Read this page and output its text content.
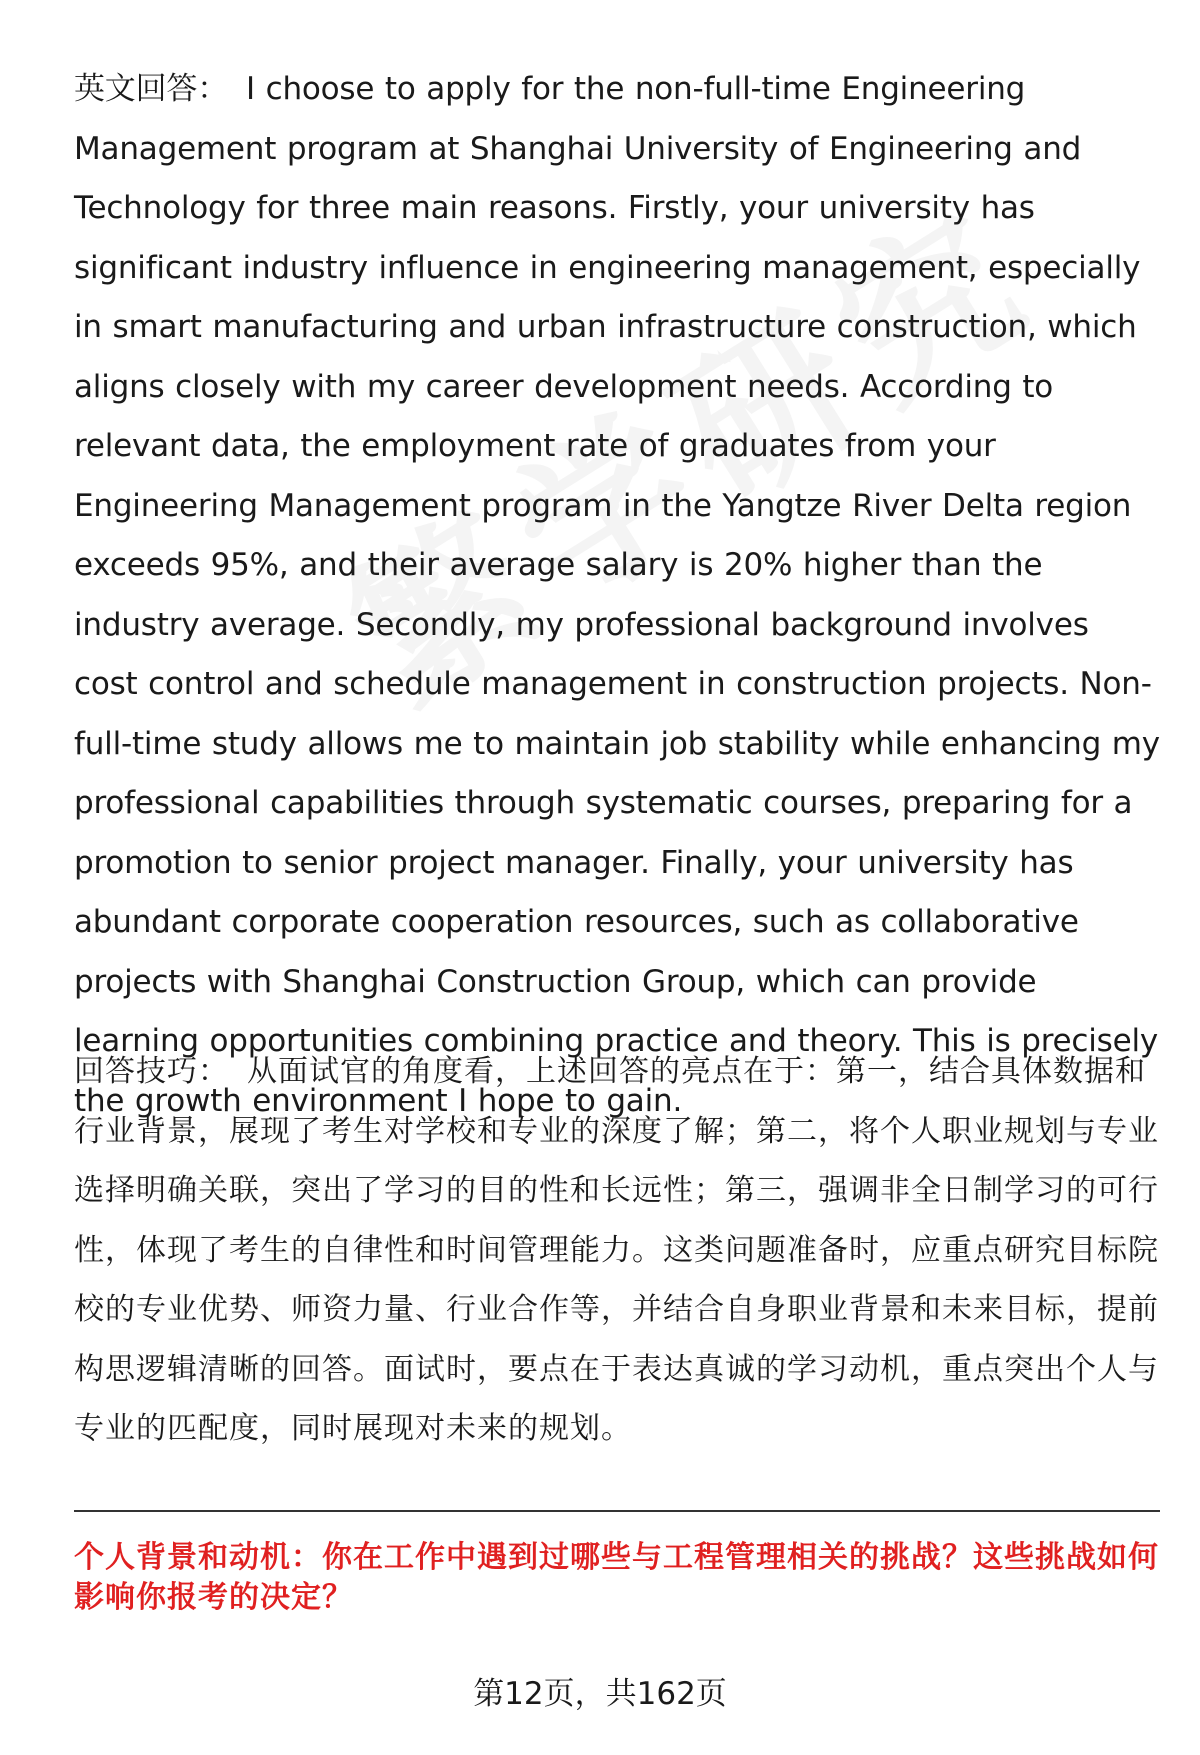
英文回答： I choose to apply for the non-full-time Engineering Management program at Shanghai University of Engineering and Technology for three main reasons. Firstly, your university has significant industry influence in engineering management, especially in smart manufacturing and urban infrastructure construction, which aligns closely with my career development needs. According to relevant data, the employment rate of graduates from your Engineering Management program in the Yangtze River Delta region exceeds 95%, and their average salary is 20% higher than the industry average. Secondly, my professional background involves cost control and schedule management in construction projects. Non-full-time study allows me to maintain job stability while enhancing my professional capabilities through systematic courses, preparing for a promotion to senior project manager. Finally, your university has abundant corporate cooperation resources, such as collaborative projects with Shanghai Construction Group, which can provide learning opportunities combining practice and theory. This is precisely the growth environment I hope to gain.
回答技巧： 从面试官的角度看，上述回答的亮点在于：第一，结合具体数据和行业背景，展现了考生对学校和专业的深度了解；第二，将个人职业规划与专业选择明确关联，突出了学习的目的性和长远性；第三，强调非全日制学习的可行性，体现了考生的自律性和时间管理能力。这类问题准备时，应重点研究目标院校的专业优势、师资力量、行业合作等，并结合自身职业背景和未来目标，提前构思逻辑清晰的回答。面试时，要点在于表达真诚的学习动机，重点突出个人与专业的匹配度，同时展现对未来的规划。
个人背景和动机：你在工作中遇到过哪些与工程管理相关的挑战？这些挑战如何影响你报考的决定？
第12页，共162页
